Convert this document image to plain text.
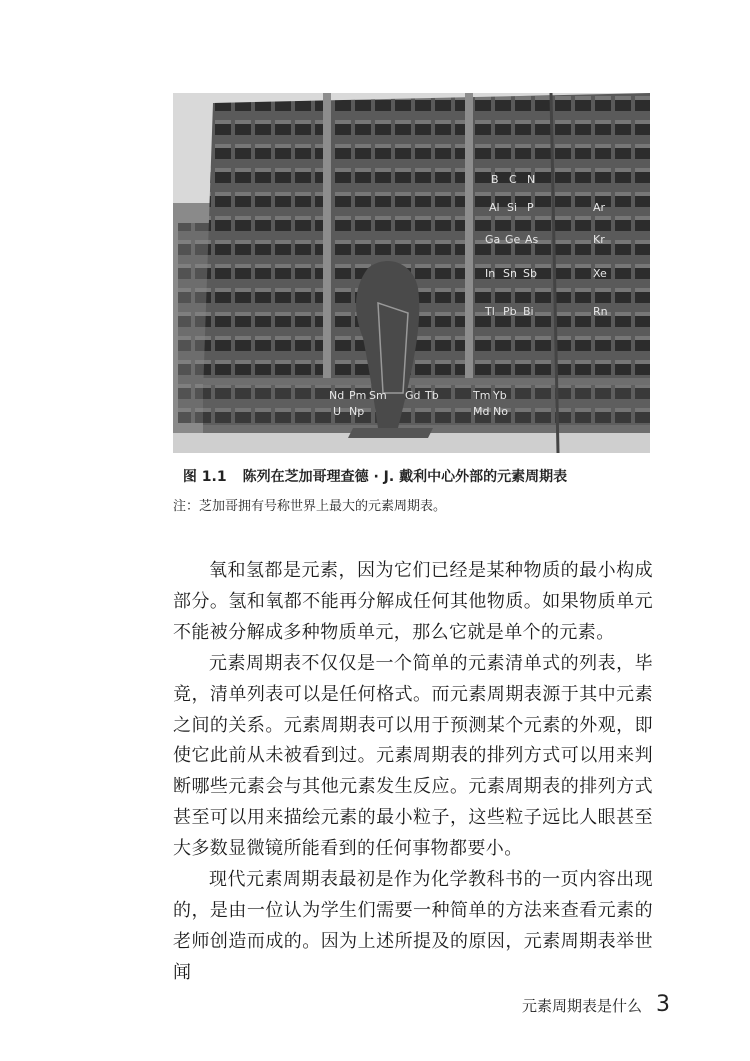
B C N
Al Si P
Ga Ge As
In Sn Sb
Tl Pb Bi
Ar
Kr
Xe
Rn
Nd Pm Sm Gd Tb	Tm Yb
U Np	Md No
图 1.1 陈列在芝加哥理查德 · J. 戴利中心外部的元素周期表
注：芝加哥拥有号称世界上最大的元素周期表。

氧和氢都是元素，因为它们已经是某种物质的最小构成部分。氢和氧都不能再分解成任何其他物质。如果物质单元不能被分解成多种物质单元，那么它就是单个的元素。

元素周期表不仅仅是一个简单的元素清单式的列表，毕竟，清单列表可以是任何格式。而元素周期表源于其中元素之间的关系。元素周期表可以用于预测某个元素的外观，即使它此前从未被看到过。元素周期表的排列方式可以用来判断哪些元素会与其他元素发生反应。元素周期表的排列方式甚至可以用来描绘元素的最小粒子，这些粒子远比人眼甚至大多数显微镜所能看到的任何事物都要小。

现代元素周期表最初是作为化学教科书的一页内容出现的，是由一位认为学生们需要一种简单的方法来查看元素的老师创造而成的。因为上述所提及的原因，元素周期表举世闻

元素周期表是什么 3
